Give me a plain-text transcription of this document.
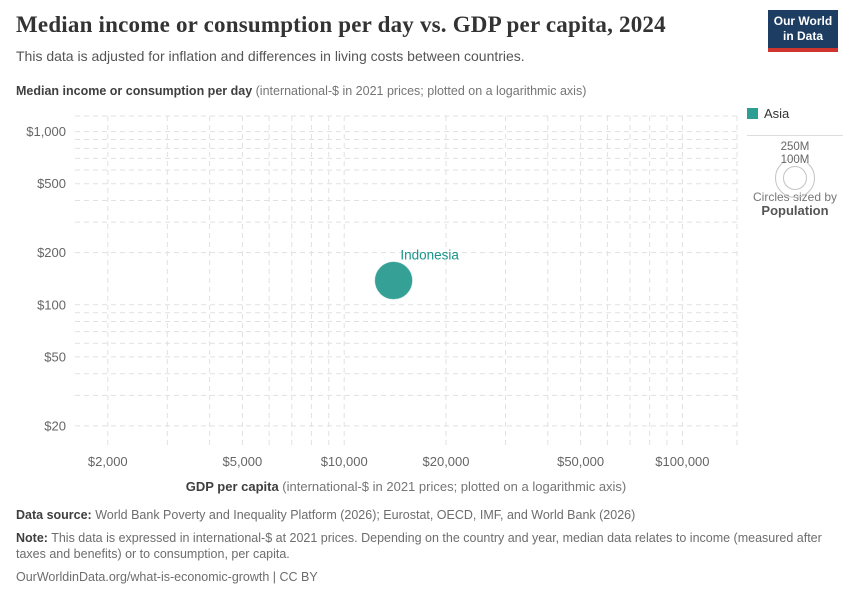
Median income or consumption per day vs. GDP per capita, 2024	Our World
in Data
This data is adjusted for inflation and differences in living costs between countries.
Median income or consumption per day (international-$ in 2021 prices; plotted on a logarithmic axis)
Asia
250M
100M
Circles sized by
Population
$2,000	$5,000	$10,000	$20,000	$50,000	$100,000
$1,000
$500
$200
$100
$50
$20
Indonesia
GDP per capita (international-$ in 2021 prices; plotted on a logarithmic axis)

Data source: World Bank Poverty and Inequality Platform (2026); Eurostat, OECD, IMF, and World Bank (2026)

Note: This data is expressed in international-$ at 2021 prices. Depending on the country and year, median data relates to income (measured after taxes and benefits) or to consumption, per capita.

OurWorldinData.org/what-is-economic-growth | CC BY
